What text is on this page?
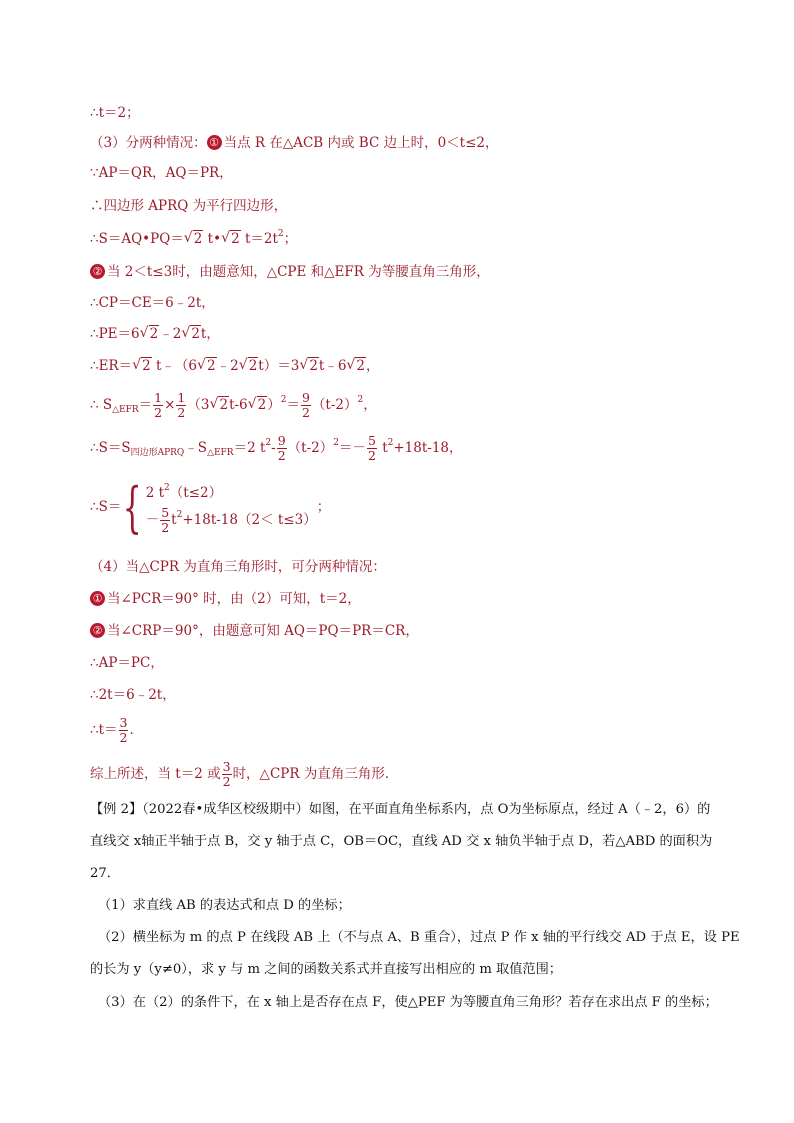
∴t＝2；
（3）分两种情况： ① 当点 R 在△ACB 内或 BC 边上时，0＜t≤2，
∵AP＝QR，AQ＝PR，
∴四边形 APRQ 为平行四边形，
∴S＝AQ•PQ＝√ 2 t•√ 2 $t=2t^2$；
② 当 2＜t≤3时，由题意知，△CPE 和△EFR 为等腰直角三角形，
∴CP＝CE＝6﹣2t，
∴PE＝6√ 2﹣2√ 2t，
∴ER＝√ 2 t﹣（6√ 2﹣2√ 2t）＝3√ 2t﹣6√ 2，
∴ $S_{\triangle EFR}= \frac{1}{2} \times \frac{1}{2} (3√$ 2t-6√ $2)^2= \frac{9}{2} (t-2)^2$，
$\therefore S=S_{四边形APRQ}﹣S_{\triangle EFR}=2$ $t^2- \frac{9}{2} (t-2)^2=- \frac{5}{2} t^2+18t-18$，
∴S＝{ 2 $t^2(t\le 2)$
－ $\frac{5}{2} t^2+18t-18(2< t\le 3)$
；
（4）当△CPR 为直角三角形时，可分两种情况：
① 当∠PCR＝90° 时，由（2）可知，t＝2，
② 当∠CRP＝90°，由题意可知 AQ＝PQ＝PR＝CR，
∴AP＝PC，
∴2t＝6﹣2t，
∴t＝ $\frac{3}{2}$ ．
综上所述，当 t＝2 或 $\frac{3}{2}$ 时，△CPR 为直角三角形．
【例 2】（2022春•成华区校级期中）如图，在平面直角坐标系内，点 O为坐标原点，经过 A（﹣2，6）的
直线交 x轴正半轴于点 B，交 y 轴于点 C，OB＝OC，直线 AD 交 x 轴负半轴于点 D，若△ABD 的面积为
27．
（1）求直线 AB 的表达式和点 D 的坐标；
（2）横坐标为 m 的点 P 在线段 AB 上（不与点 A、B 重合），过点 P 作 x 轴的平行线交 AD 于点 E，设 PE
的长为 y（y≠0），求 y 与 m 之间的函数关系式并直接写出相应的 m 取值范围；
（3）在（2）的条件下，在 x 轴上是否存在点 F，使△PEF 为等腰直角三角形？若存在求出点 F 的坐标；
